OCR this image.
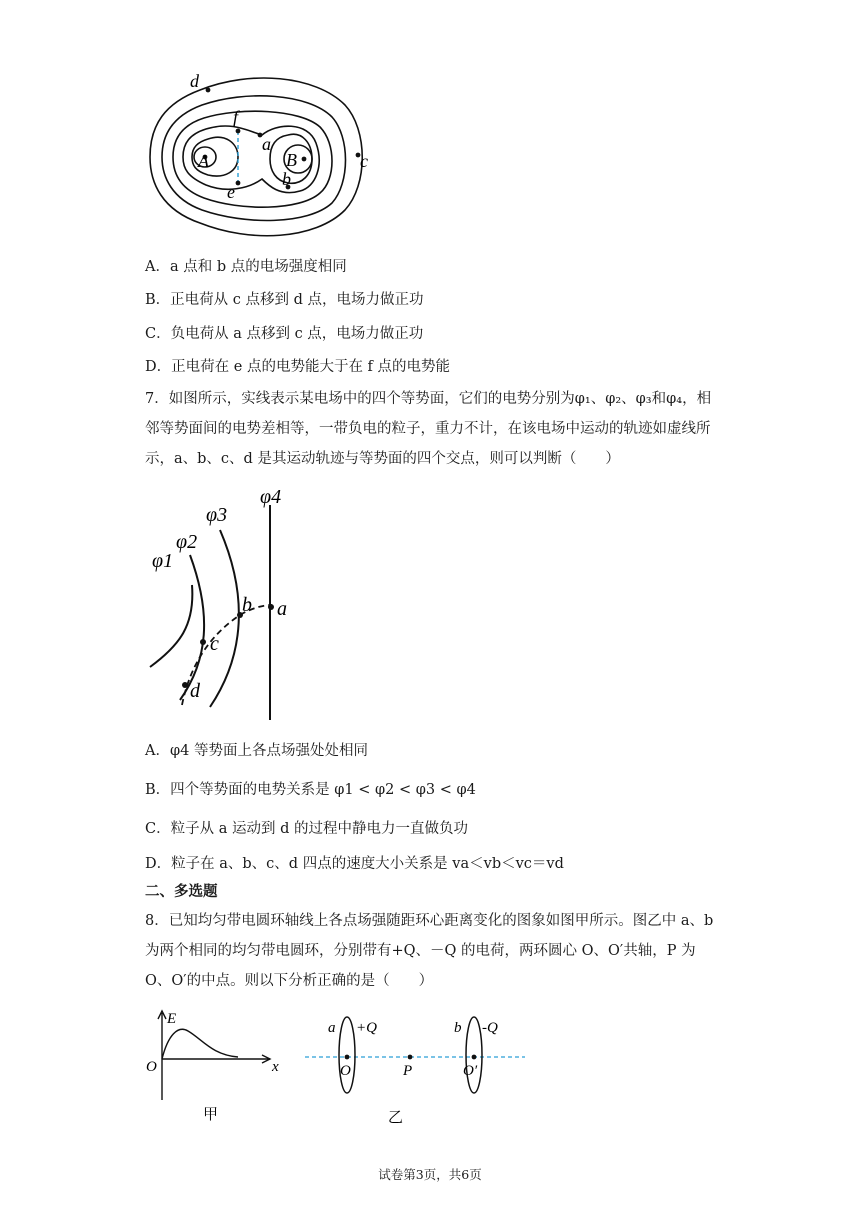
d
f
a
A	B	c
b
e
A．a 点和 b 点的电场强度相同
B．正电荷从 c 点移到 d 点，电场力做正功
C．负电荷从 a 点移到 c 点，电场力做正功
D．正电荷在 e 点的电势能大于在 f 点的电势能
7．如图所示，实线表示某电场中的四个等势面，它们的电势分别为φ₁、φ₂、φ₃和φ₄，相邻等势面间的电势差相等，一带负电的粒子，重力不计，在该电场中运动的轨迹如虚线所示，a、b、c、d 是其运动轨迹与等势面的四个交点，则可以判断（　　）
φ1
φ2
φ3
φ4
a
b
c
d
A．φ4 等势面上各点场强处处相同
B．四个等势面的电势关系是 φ1 < φ2 < φ3 < φ4
C．粒子从 a 运动到 d 的过程中静电力一直做负功
D．粒子在 a、b、c、d 四点的速度大小关系是 va＜vb＜vc＝vd
二、多选题
8．已知均匀带电圆环轴线上各点场强随距环心距离变化的图象如图甲所示。图乙中 a、b 为两个相同的均匀带电圆环，分别带有+Q、－Q 的电荷，两环圆心 O、O′共轴，P 为 O、O′的中点。则以下分析正确的是（　　）
E
O	x
甲
a +Q
O	P
b -Q
O′
乙
试卷第3页，共6页
